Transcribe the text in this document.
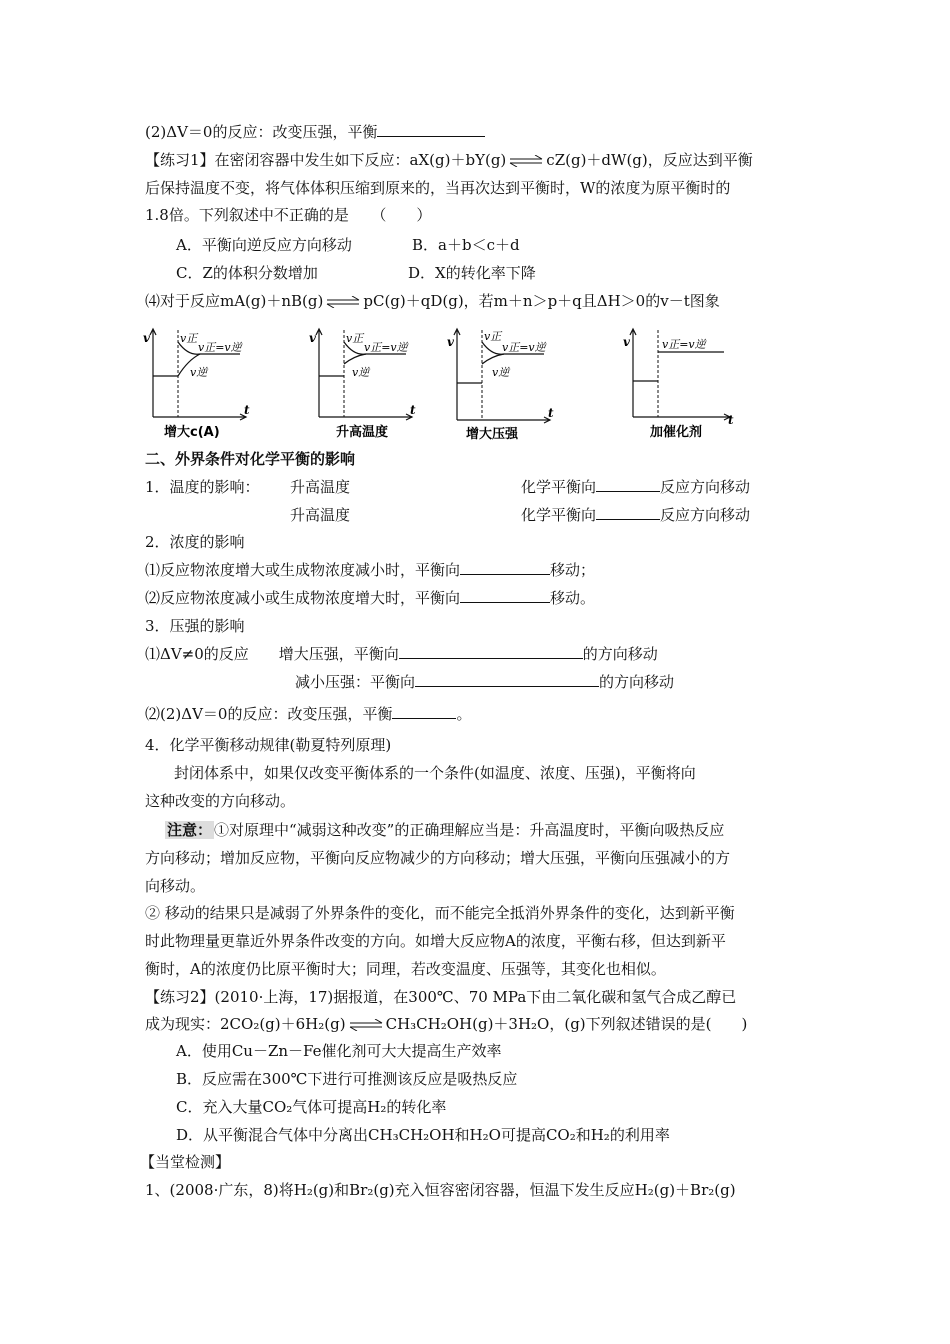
(2)ΔV＝0的反应：改变压强，平衡
【练习1】在密闭容器中发生如下反应：aX(g)＋bY(g) ⇌ cZ(g)＋dW(g)，反应达到平衡
后保持温度不变，将气体体积压缩到原来的，当再次达到平衡时，W的浓度为原平衡时的
1.8倍。下列叙述中不正确的是　　（　　）
A．平衡向逆反应方向移动	B．a＋b＜c＋d
C．Z的体积分数增加	D．X的转化率下降
⑷对于反应mA(g)＋nB(g) ⇌ pC(g)＋qD(g)，若m＋n＞p＋q且ΔH＞0的v－t图象
v
t
v正
v正=v逆
v逆
增大c(A)
v
t
v正
v正=v逆
v逆
升高温度
v
t
v正
v正=v逆
v逆
增大压强
v
t
v正=v逆
加催化剂
二、外界条件对化学平衡的影响
1．温度的影响： 升高温度	化学平衡向	反应方向移动
升高温度	化学平衡向	反应方向移动
2．浓度的影响
⑴反应物浓度增大或生成物浓度减小时，平衡向	移动；
⑵反应物浓度减小或生成物浓度增大时，平衡向	移动。
3．压强的影响
⑴ΔV≠0的反应　　增大压强，平衡向	的方向移动
减小压强：平衡向	的方向移动
⑵(2)ΔV＝0的反应：改变压强，平衡	。
4．化学平衡移动规律(勒夏特列原理)
封闭体系中，如果仅改变平衡体系的一个条件(如温度、浓度、压强)，平衡将向
这种改变的方向移动。
注意： ①对原理中“减弱这种改变”的正确理解应当是：升高温度时，平衡向吸热反应
方向移动；增加反应物，平衡向反应物减少的方向移动；增大压强，平衡向压强减小的方
向移动。
② 移动的结果只是减弱了外界条件的变化，而不能完全抵消外界条件的变化，达到新平衡
时此物理量更靠近外界条件改变的方向。如增大反应物A的浓度，平衡右移，但达到新平
衡时，A的浓度仍比原平衡时大；同理，若改变温度、压强等，其变化也相似。
【练习2】(2010·上海，17)据报道，在300℃、70 MPa下由二氧化碳和氢气合成乙醇已
成为现实：2CO₂(g)＋6H₂(g) ⇌ CH₃CH₂OH(g)＋3H₂O，(g)下列叙述错误的是(　　)
A．使用Cu－Zn－Fe催化剂可大大提高生产效率
B．反应需在300℃下进行可推测该反应是吸热反应
C．充入大量CO₂气体可提高H₂的转化率
D．从平衡混合气体中分离出CH₃CH₂OH和H₂O可提高CO₂和H₂的利用率
【当堂检测】
1、(2008·广东，8)将H₂(g)和Br₂(g)充入恒容密闭容器，恒温下发生反应H₂(g)＋Br₂(g)
